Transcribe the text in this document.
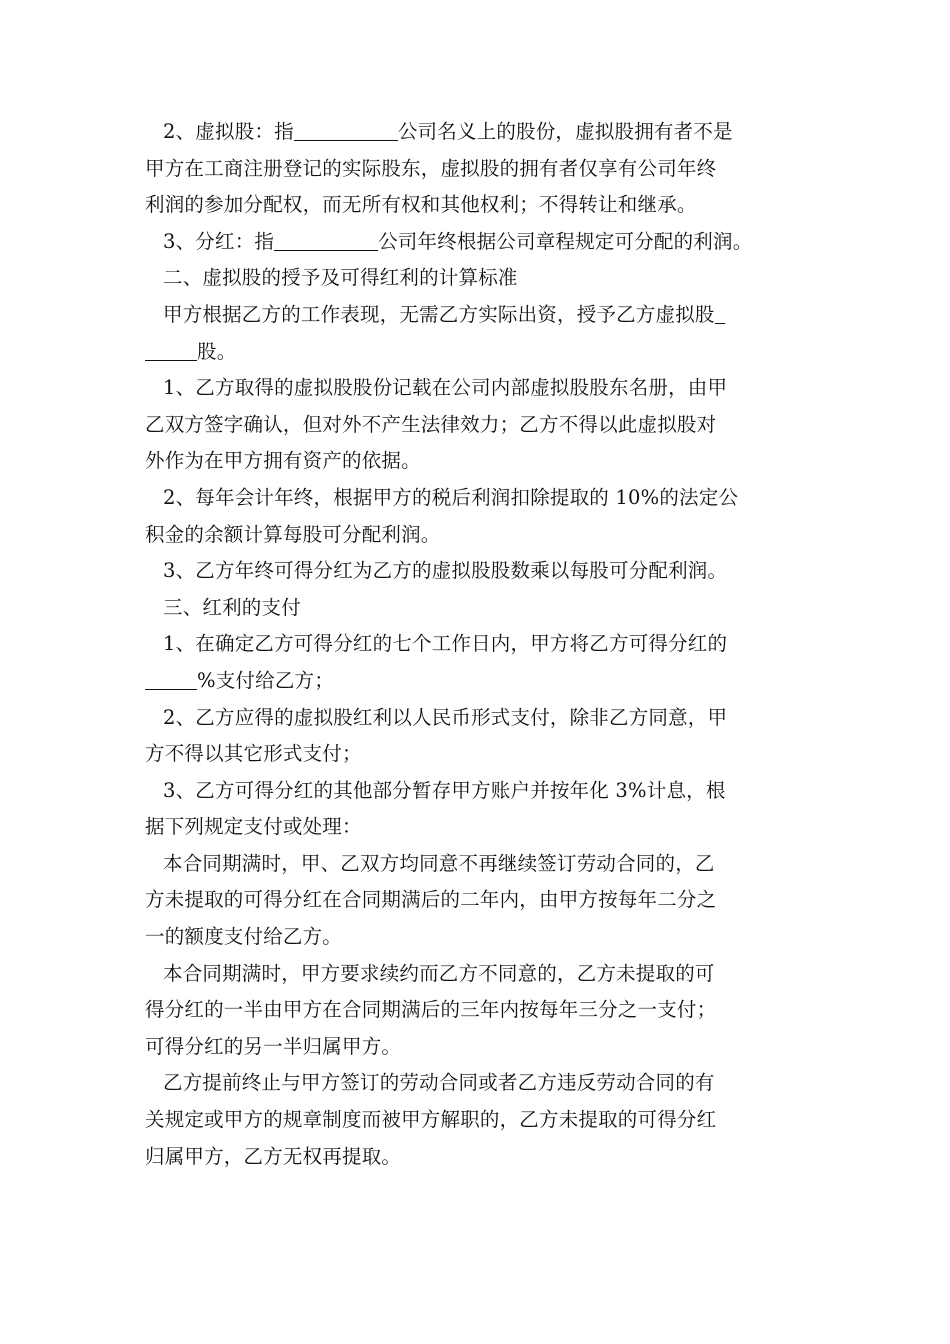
2、虚拟股：指	公司名义上的股份，虚拟股拥有者不是
甲方在工商注册登记的实际股东，虚拟股的拥有者仅享有公司年终
利润的参加分配权，而无所有权和其他权利；不得转让和继承。
3、分红：指	公司年终根据公司章程规定可分配的利润。
二、虚拟股的授予及可得红利的计算标准
甲方根据乙方的工作表现，无需乙方实际出资，授予乙方虚拟股
股。
1、乙方取得的虚拟股股份记载在公司内部虚拟股股东名册，由甲
乙双方签字确认，但对外不产生法律效力；乙方不得以此虚拟股对
外作为在甲方拥有资产的依据。
2、每年会计年终，根据甲方的税后利润扣除提取的 10%的法定公
积金的余额计算每股可分配利润。
3、乙方年终可得分红为乙方的虚拟股股数乘以每股可分配利润。
三、红利的支付
1、在确定乙方可得分红的七个工作日内，甲方将乙方可得分红的
%支付给乙方；
2、乙方应得的虚拟股红利以人民币形式支付，除非乙方同意，甲
方不得以其它形式支付；
3、乙方可得分红的其他部分暂存甲方账户并按年化 3%计息，根
据下列规定支付或处理：
本合同期满时，甲、乙双方均同意不再继续签订劳动合同的，乙
方未提取的可得分红在合同期满后的二年内，由甲方按每年二分之
一的额度支付给乙方。
本合同期满时，甲方要求续约而乙方不同意的，乙方未提取的可
得分红的一半由甲方在合同期满后的三年内按每年三分之一支付；
可得分红的另一半归属甲方。
乙方提前终止与甲方签订的劳动合同或者乙方违反劳动合同的有
关规定或甲方的规章制度而被甲方解职的，乙方未提取的可得分红
归属甲方，乙方无权再提取。
